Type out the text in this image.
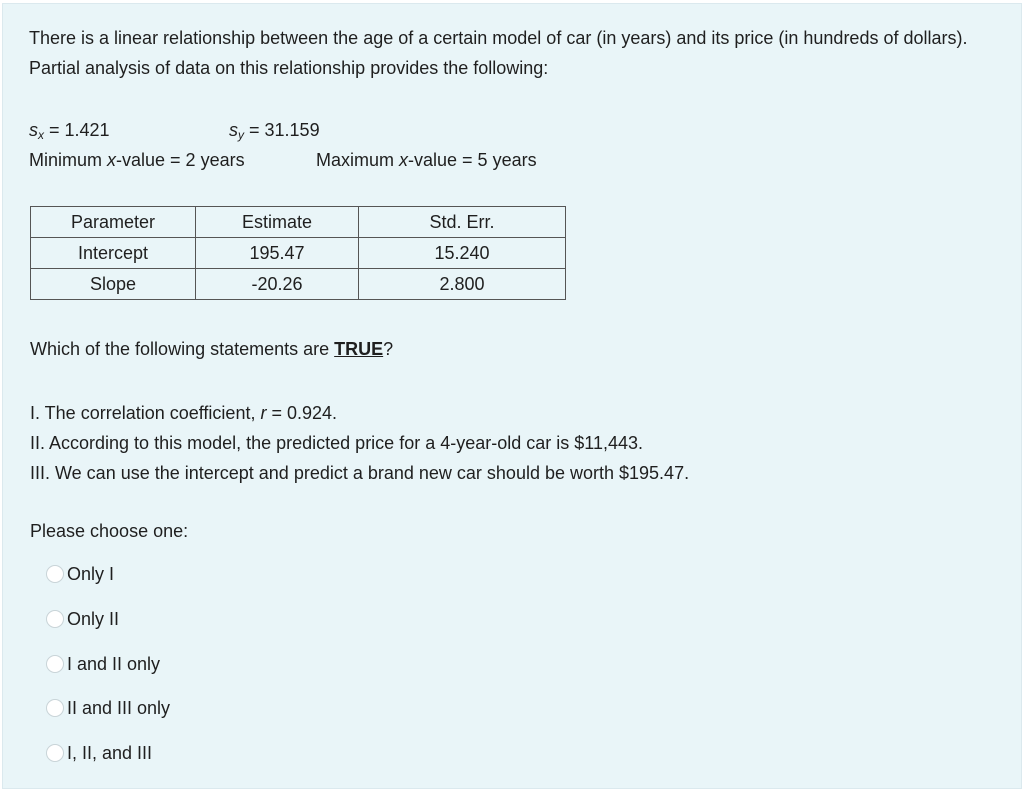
There is a linear relationship between the age of a certain model of car (in years) and its price (in hundreds of dollars). Partial analysis of data on this relationship provides the following:
$s_x = 1.421$	$s_y = 31.159$
Minimum x-value = 2 years	Maximum x-value = 5 years
Parameter	Estimate	Std. Err.
Intercept	195.47	15.240
Slope	-20.26	2.800
Which of the following statements are TRUE?
I. The correlation coefficient, r = 0.924.
II. According to this model, the predicted price for a 4-year-old car is $11,443.
III. We can use the intercept and predict a brand new car should be worth $195.47.
Please choose one:
Only I
Only II
I and II only
II and III only
I, II, and III
